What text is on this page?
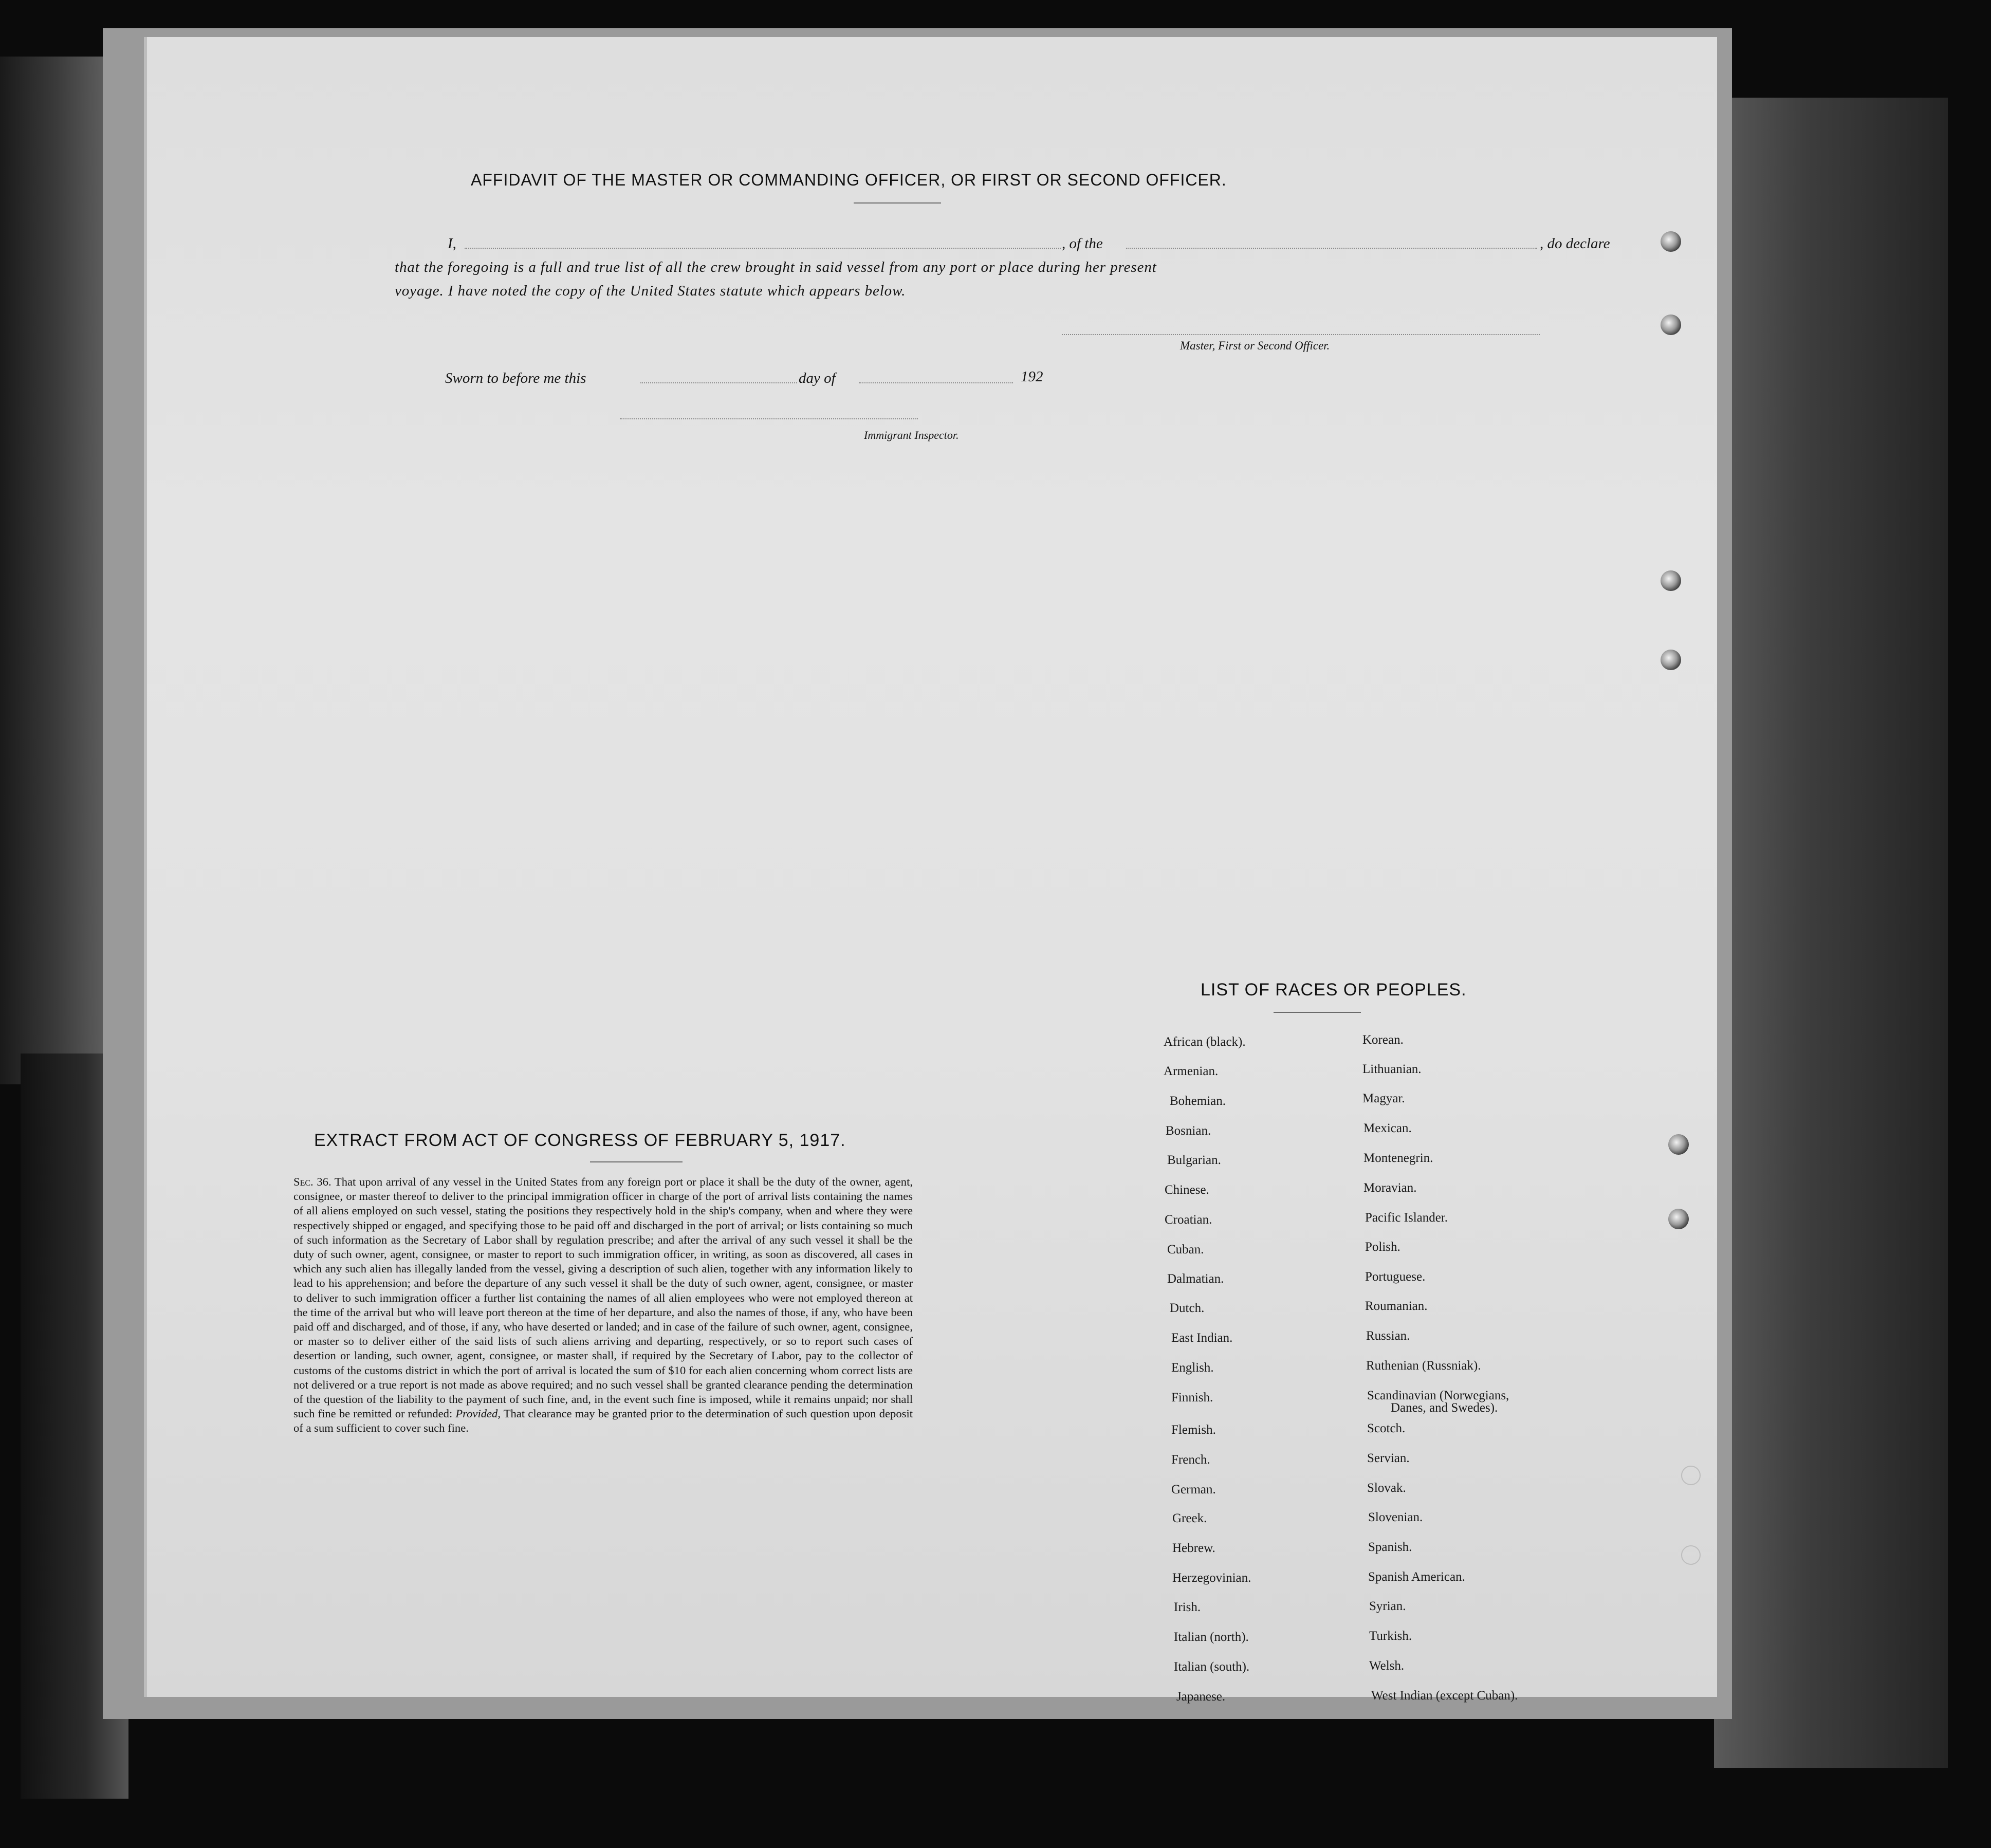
AFFIDAVIT OF THE MASTER OR COMMANDING OFFICER, OR FIRST OR SECOND OFFICER.
I,	, of the	, do declare
that the foregoing is a full and true list of all the crew brought in said vessel from any port or place during her present
voyage. I have noted the copy of the United States statute which appears below.
Master, First or Second Officer.
Sworn to before me this	day of	192
Immigrant Inspector.
EXTRACT FROM ACT OF CONGRESS OF FEBRUARY 5, 1917.
Sec. 36. That upon arrival of any vessel in the United States from any foreign port or place it shall be the duty of the owner, agent, consignee, or master thereof to deliver to the principal immigration officer in charge of the port of arrival lists containing the names of all aliens employed on such vessel, stating the positions they respectively hold in the ship's company, when and where they were respectively shipped or engaged, and specifying those to be paid off and discharged in the port of arrival; or lists containing so much of such information as the Secretary of Labor shall by regulation prescribe; and after the arrival of any such vessel it shall be the duty of such owner, agent, consignee, or master to report to such immigration officer, in writing, as soon as discovered, all cases in which any such alien has illegally landed from the vessel, giving a description of such alien, together with any information likely to lead to his apprehension; and before the departure of any such vessel it shall be the duty of such owner, agent, consignee, or master to deliver to such immigration officer a further list containing the names of all alien employees who were not employed thereon at the time of the arrival but who will leave port thereon at the time of her departure, and also the names of those, if any, who have been paid off and discharged, and of those, if any, who have deserted or landed; and in case of the failure of such owner, agent, consignee, or master so to deliver either of the said lists of such aliens arriving and departing, respectively, or so to report such cases of desertion or landing, such owner, agent, consignee, or master shall, if required by the Secretary of Labor, pay to the collector of customs of the customs district in which the port of arrival is located the sum of $10 for each alien concerning whom correct lists are not delivered or a true report is not made as above required; and no such vessel shall be granted clearance pending the determination of the question of the liability to the payment of such fine, and, in the event such fine is imposed, while it remains unpaid; nor shall such fine be remitted or refunded: Provided, That clearance may be granted prior to the determination of such question upon deposit of a sum sufficient to cover such fine.
LIST OF RACES OR PEOPLES.
African (black).
Armenian.
Bohemian.
Bosnian.
Bulgarian.
Chinese.
Croatian.
Cuban.
Dalmatian.
Dutch.
East Indian.
English.
Finnish.
Flemish.
French.
German.
Greek.
Hebrew.
Herzegovinian.
Irish.
Italian (north).
Italian (south).
Japanese.
Korean.
Lithuanian.
Magyar.
Mexican.
Montenegrin.
Moravian.
Pacific Islander.
Polish.
Portuguese.
Roumanian.
Russian.
Ruthenian (Russniak).
Scandinavian (Norwegians,
Danes, and Swedes).
Scotch.
Servian.
Slovak.
Slovenian.
Spanish.
Spanish American.
Syrian.
Turkish.
Welsh.
West Indian (except Cuban).
